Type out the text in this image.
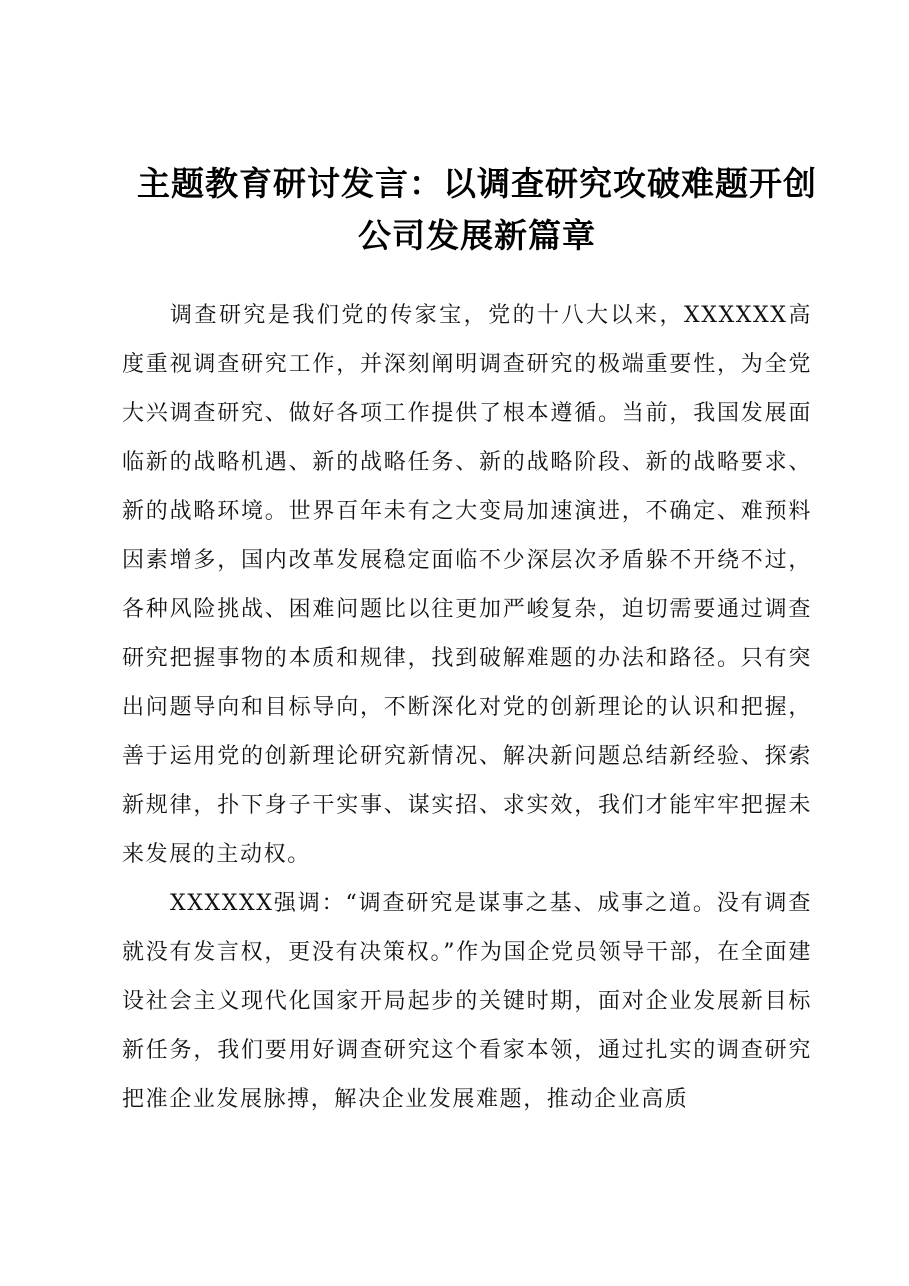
主题教育研讨发言：以调查研究攻破难题开创公司发展新篇章

调查研究是我们党的传家宝，党的十八大以来，XXXXXX高度重视调查研究工作，并深刻阐明调查研究的极端重要性，为全党大兴调查研究、做好各项工作提供了根本遵循。当前，我国发展面临新的战略机遇、新的战略任务、新的战略阶段、新的战略要求、新的战略环境。世界百年未有之大变局加速演进，不确定、难预料因素增多，国内改革发展稳定面临不少深层次矛盾躲不开绕不过，各种风险挑战、困难问题比以往更加严峻复杂，迫切需要通过调查研究把握事物的本质和规律，找到破解难题的办法和路径。只有突出问题导向和目标导向，不断深化对党的创新理论的认识和把握，善于运用党的创新理论研究新情况、解决新问题总结新经验、探索新规律，扑下身子干实事、谋实招、求实效，我们才能牢牢把握未来发展的主动权。

XXXXXX强调：“调查研究是谋事之基、成事之道。没有调查就没有发言权，更没有决策权。”作为国企党员领导干部，在全面建设社会主义现代化国家开局起步的关键时期，面对企业发展新目标新任务，我们要用好调查研究这个看家本领，通过扎实的调查研究把准企业发展脉搏，解决企业发展难题，推动企业高质
